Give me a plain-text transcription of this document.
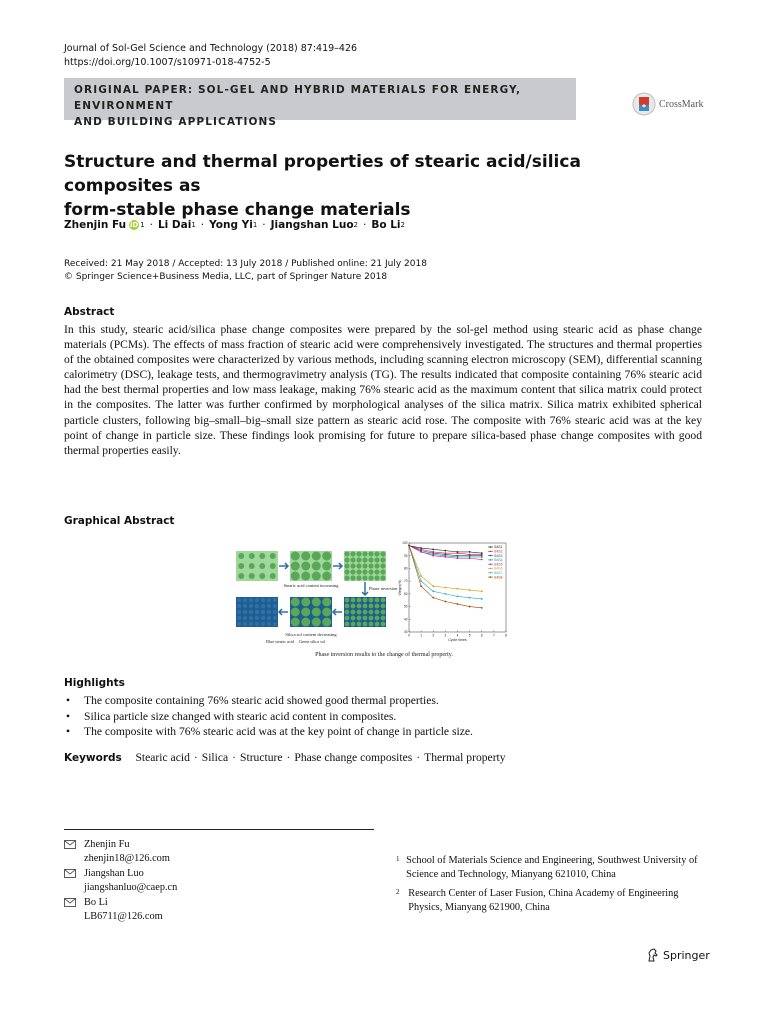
Journal of Sol-Gel Science and Technology (2018) 87:419–426
https://doi.org/10.1007/s10971-018-4752-5
ORIGINAL PAPER: SOL-GEL AND HYBRID MATERIALS FOR ENERGY, ENVIRONMENT
AND BUILDING APPLICATIONS
CrossMark
Structure and thermal properties of stearic acid/silica composites as
form-stable phase change materials
Zhenjin Fu iD 1 · Li Dai 1 · Yong Yi 1 · Jiangshan Luo 2 · Bo Li 2
Received: 21 May 2018 / Accepted: 13 July 2018 / Published online: 21 July 2018
© Springer Science+Business Media, LLC, part of Springer Nature 2018
Abstract
In this study, stearic acid/silica phase change composites were prepared by the sol-gel method using stearic acid as phase change materials (PCMs). The effects of mass fraction of stearic acid were comprehensively investigated. The structures and thermal properties of the obtained composites were characterized by various methods, including scanning electron microscopy (SEM), differential scanning calorimetry (DSC), leakage tests, and thermogravimetry analysis (TG). The results indicated that composite containing 76% stearic acid had the best thermal properties and low mass leakage, making 76% stearic acid as the maximum content that silica matrix could protect in the composites. The latter was further confirmed by morphological analyses of the silica matrix. Silica matrix exhibited spherical particle clusters, following big–small–big–small size pattern as stearic acid rose. The composite with 76% stearic acid was at the key point of change in particle size. These findings look promising for future to prepare silica-based phase change composites with good thermal properties easily.
Graphical Abstract
Stearic acid content increasing
Phase inversion
Silica sol content decreasing
Blue stearic acid Green silica sol
0	1	2	3	4	5	6	7	8
30
40
50
60
70
80
90
100
Cycle times
Weight(%)
SAS1
SAS2
SAS3
SAS4
SAS5
SAS6
SAS7
SAS8
Phase inversion results to the change of thermal property.
Highlights
•	The composite containing 76% stearic acid showed good thermal properties.
•	Silica particle size changed with stearic acid content in composites.
•	The composite with 76% stearic acid was at the key point of change in particle size.
Keywords Stearic acid · Silica · Structure · Phase change composites · Thermal property
Zhenjin Fu
zhenjin18@126.com
Jiangshan Luo
jiangshanluo@caep.cn
Bo Li
LB6711@126.com
1 School of Materials Science and Engineering, Southwest University of Science and Technology, Mianyang 621010, China
2 Research Center of Laser Fusion, China Academy of Engineering Physics, Mianyang 621900, China
Springer
